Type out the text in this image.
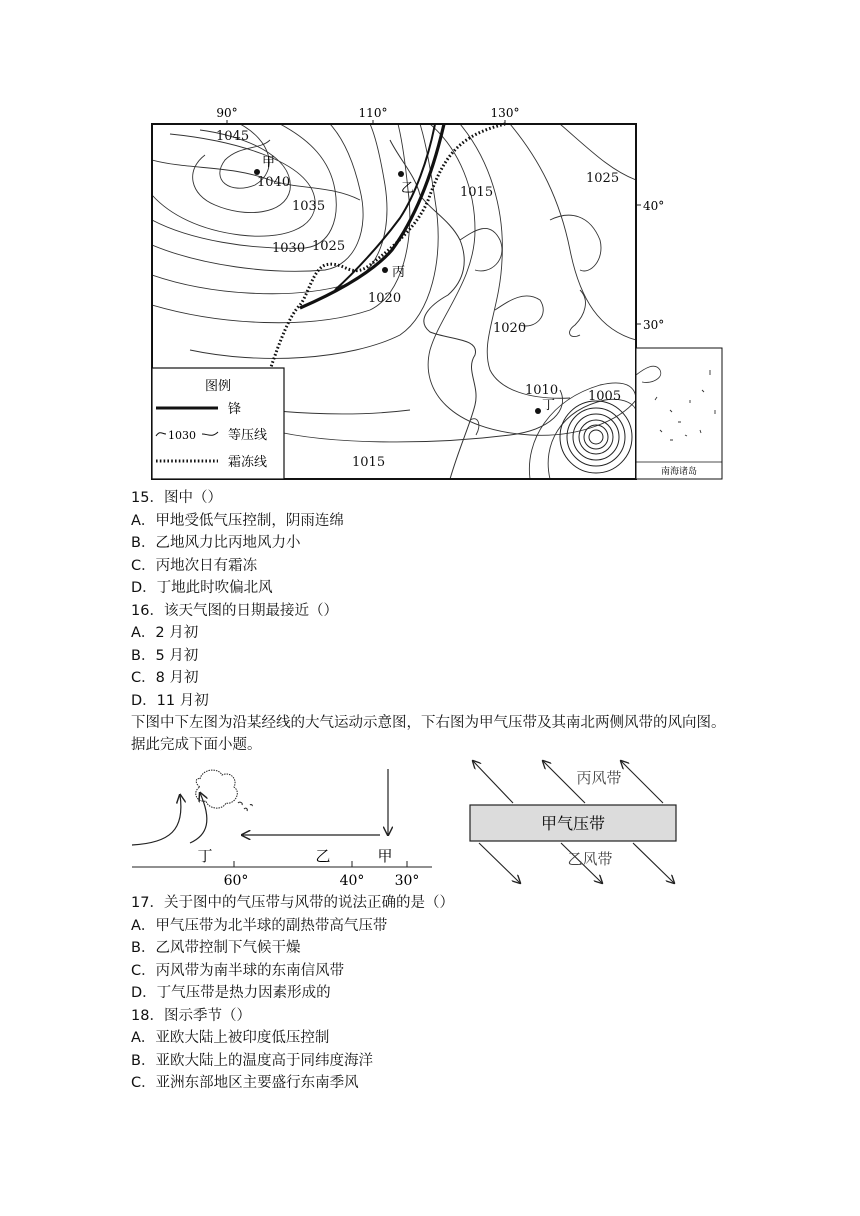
90°	110°	130°
40°
30°
1045
1040
1035
1030 1025
1020
1015
1025
1020
1010 1005
1015
甲
乙
丙
丁
图例
锋
1030 等压线
霜冻线
南海诸岛
15．图中（）
A．甲地受低气压控制，阴雨连绵
B．乙地风力比丙地风力小
C．丙地次日有霜冻
D．丁地此时吹偏北风
16．该天气图的日期最接近（）
A．2 月初
B．5 月初
C．8 月初
D．11 月初
下图中下左图为沿某经线的大气运动示意图，下右图为甲气压带及其南北两侧风带的风向图。据此完成下面小题。
丁	乙	甲
60°	40° 30°
甲气压带
丙风带
乙风带
17．关于图中的气压带与风带的说法正确的是（）
A．甲气压带为北半球的副热带高气压带
B．乙风带控制下气候干燥
C．丙风带为南半球的东南信风带
D．丁气压带是热力因素形成的
18．图示季节（）
A．亚欧大陆上被印度低压控制
B．亚欧大陆上的温度高于同纬度海洋
C．亚洲东部地区主要盛行东南季风
